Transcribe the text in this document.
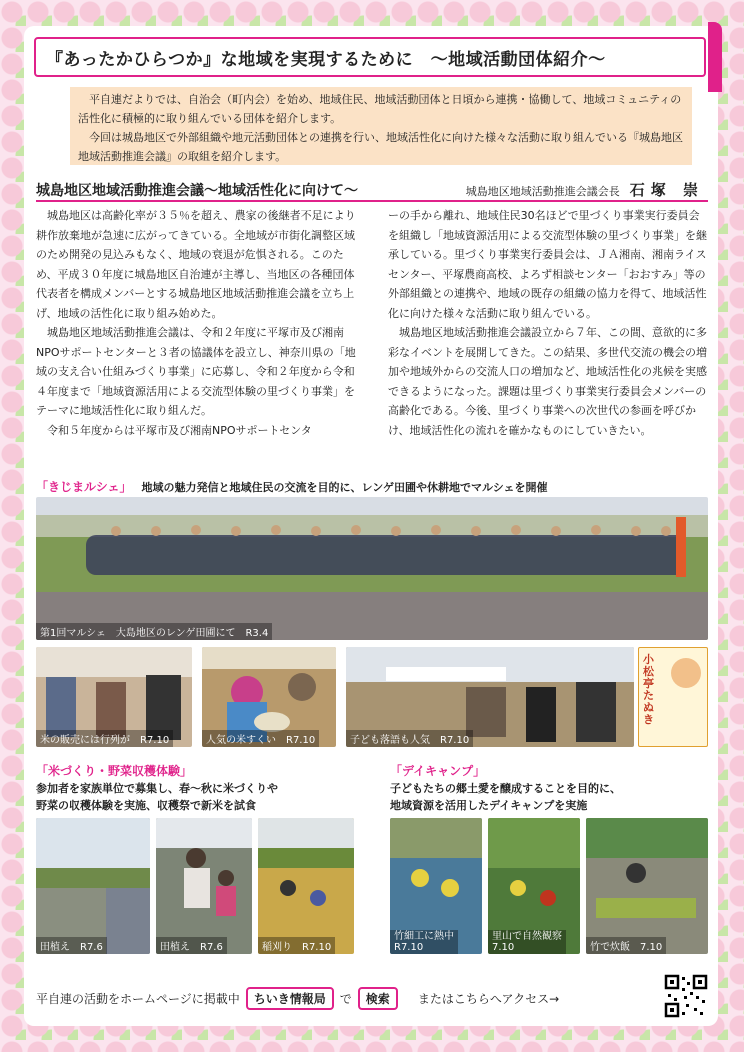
『あったかひらつか』な地域を実現するために　～地域活動団体紹介～

平自連だよりでは、自治会（町内会）を始め、地域住民、地域活動団体と日頃から連携・協働して、地域コミュニティの活性化に積極的に取り組んでいる団体を紹介します。

今回は城島地区で外部組織や地元活動団体との連携を行い、地域活性化に向けた様々な活動に取り組んでいる『城島地区地域活動推進会議』の取組を紹介します。

城島地区地域活動推進会議～地域活性化に向けて～	城島地区地域活動推進会議会長 石塚 崇

城島地区は高齢化率が３５％を超え、農家の後継者不足により耕作放棄地が急速に広がってきている。全地域が市街化調整区域のため開発の見込みもなく、地域の衰退が危惧される。このため、平成３０年度に城島地区自治連が主導し、当地区の各種団体代表者を構成メンバーとする城島地区地域活動推進会議を立ち上げ、地域の活性化に取り組み始めた。

城島地区地域活動推進会議は、令和２年度に平塚市及び湘南NPOサポートセンターと３者の協議体を設立し、神奈川県の「地域の支え合い仕組みづくり事業」に応募し、令和２年度から令和４年度まで「地域資源活用による交流型体験の里づくり事業」をテーマに地域活性化に取り組んだ。

令和５年度からは平塚市及び湘南NPOサポートセンタ

ーの手から離れ、地域住民30名ほどで里づくり事業実行委員会を組織し「地域資源活用による交流型体験の里づくり事業」を継承している。里づくり事業実行委員会は、ＪＡ湘南、湘南ライスセンター、平塚農商高校、よろず相談センター「おおすみ」等の外部組織との連携や、地域の既存の組織の協力を得て、地域活性化に向けた様々な活動に取り組んでいる。

城島地区地域活動推進会議設立から７年、この間、意欲的に多彩なイベントを展開してきた。この結果、多世代交流の機会の増加や地域外からの交流人口の増加など、地域活性化の兆候を実感できるようになった。課題は里づくり事業実行委員会メンバーの高齢化である。今後、里づくり事業への次世代の参画を呼びかけ、地域活性化の流れを確かなものにしていきたい。

「きじまルシェ」 地域の魅力発信と地域住民の交流を目的に、レンゲ田圃や休耕地でマルシェを開催
第1回マルシェ　大島地区のレンゲ田圃にて　R3.4
米の販売には行列が　R7.10	人気の米すくい　R7.10	子ども落語も人気　R7.10
小松亭たぬき
「米づくり・野菜収穫体験」
参加者を家族単位で募集し、春～秋に米づくりや
野菜の収穫体験を実施、収穫祭で新米を試食
田植え　R7.6	田植え　R7.6	稲刈り　R7.10
「デイキャンプ」
子どもたちの郷土愛を醸成することを目的に、
地域資源を活用したデイキャンプを実施
竹細工に熱中
R7.10
里山で自然観察
7.10	竹で炊飯　7.10
平自連の活動をホームページに掲載中	ちいき情報局	で	検索	またはこちらへアクセス→
